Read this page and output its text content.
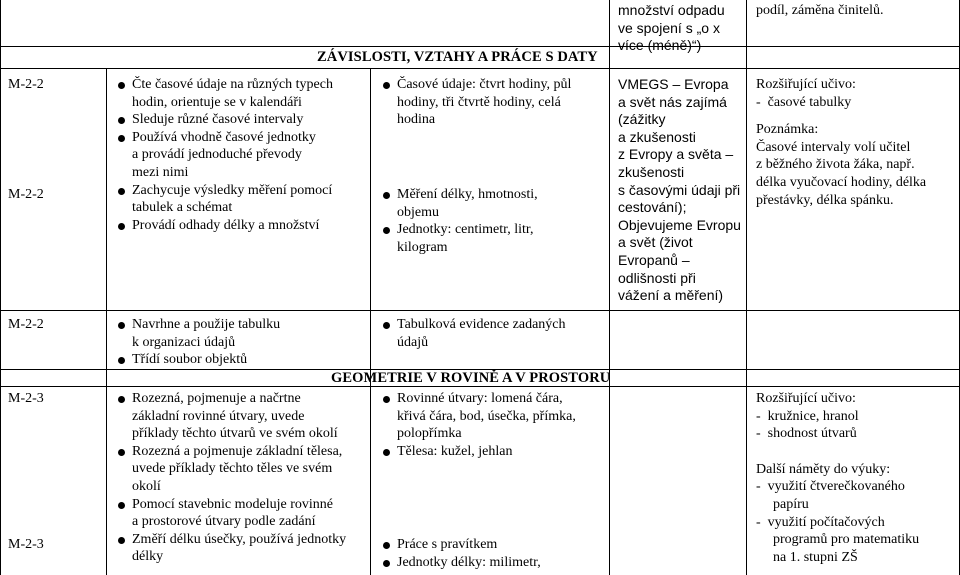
množství odpadu
ve spojení s „o x
více (méně)“)
podíl, záměna činitelů.
ZÁVISLOSTI, VZTAHY A PRÁCE S DATY
M-2-2
M-2-2
Čte časové údaje na různých typech
hodin, orientuje se v kalendáři
Sleduje různé časové intervaly
Používá vhodně časové jednotky
a provádí jednoduché převody
mezi nimi
Zachycuje výsledky měření pomocí
tabulek a schémat
Provádí odhady délky a množství
Časové údaje: čtvrt hodiny, půl
hodiny, tři čtvrtě hodiny, celá
hodina
Měření délky, hmotnosti,
objemu
Jednotky: centimetr, litr,
kilogram
VMEGS – Evropa
a svět nás zajímá
(zážitky
a zkušenosti
z Evropy a světa –
zkušenosti
s časovými údaji při
cestování);
Objevujeme Evropu
a svět (život
Evropanů –
odlišnosti při
vážení a měření)
Rozšiřující učivo:
-  časové tabulky
Poznámka:
Časové intervaly volí učitel
z běžného života žáka, např.
délka vyučovací hodiny, délka
přestávky, délka spánku.
M-2-2	Navrhne a použije tabulku
k organizaci údajů
Třídí soubor objektů
Tabulková evidence zadaných
údajů
GEOMETRIE V ROVINĚ A V PROSTORU
M-2-3
M-2-3
Rozezná, pojmenuje a načrtne
základní rovinné útvary, uvede
příklady těchto útvarů ve svém okolí
Rozezná a pojmenuje základní tělesa,
uvede příklady těchto těles ve svém
okolí
Pomocí stavebnic modeluje rovinné
a prostorové útvary podle zadání
Změří délku úsečky, používá jednotky
délky
Rovinné útvary: lomená čára,
křivá čára, bod, úsečka, přímka,
polopřímka
Tělesa: kužel, jehlan
Práce s pravítkem
Jednotky délky: milimetr,
Rozšiřující učivo:
-  kružnice, hranol
-  shodnost útvarů
Další náměty do výuky:
-  využití čtverečkovaného
papíru
-  využití počítačových
programů pro matematiku
na 1. stupni ZŠ
